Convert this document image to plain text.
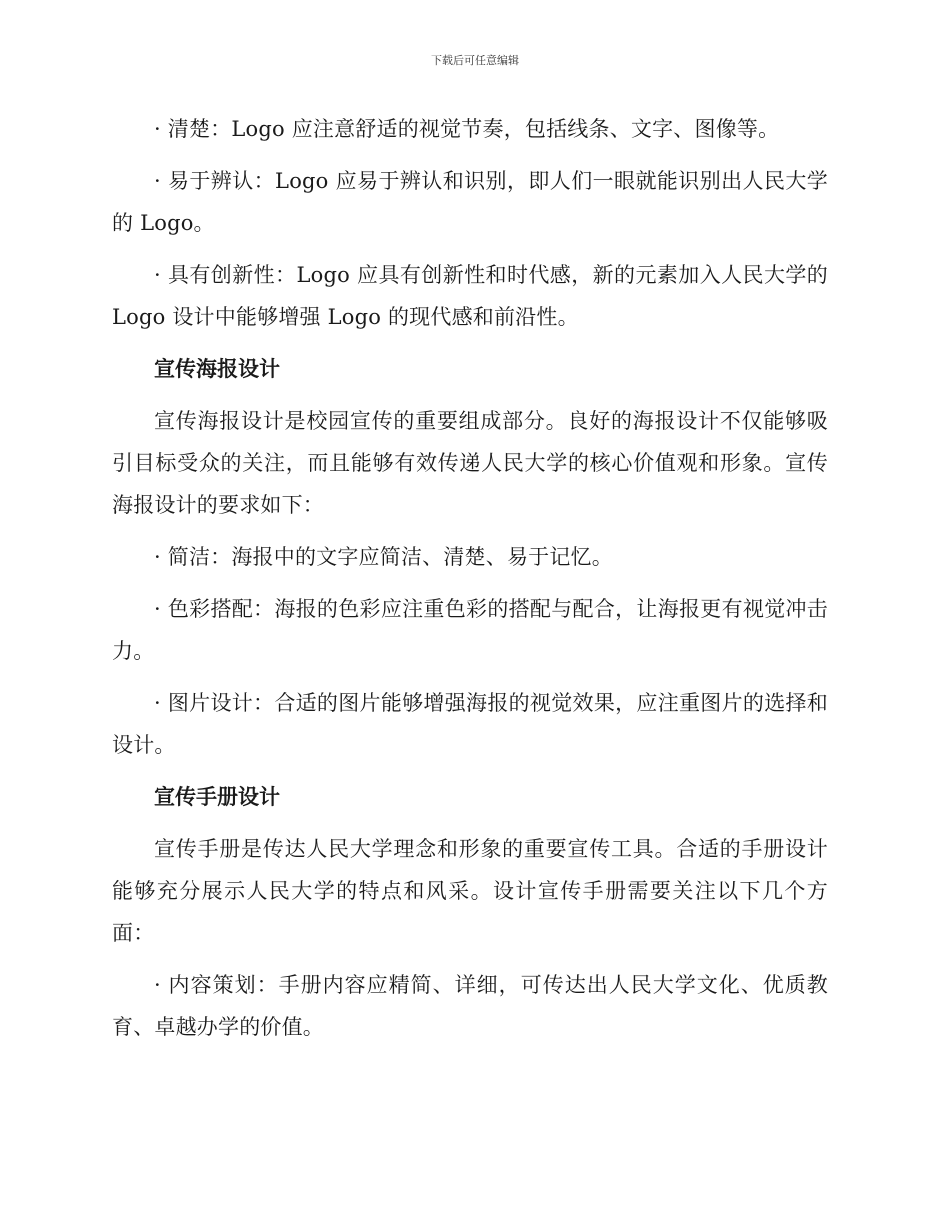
下载后可任意编辑

· 清楚：Logo 应注意舒适的视觉节奏，包括线条、文字、图像等。

· 易于辨认：Logo 应易于辨认和识别，即人们一眼就能识别出人民大学的 Logo。

· 具有创新性：Logo 应具有创新性和时代感，新的元素加入人民大学的 Logo 设计中能够增强 Logo 的现代感和前沿性。

宣传海报设计

宣传海报设计是校园宣传的重要组成部分。良好的海报设计不仅能够吸引目标受众的关注，而且能够有效传递人民大学的核心价值观和形象。宣传海报设计的要求如下：

· 简洁：海报中的文字应简洁、清楚、易于记忆。

· 色彩搭配：海报的色彩应注重色彩的搭配与配合，让海报更有视觉冲击力。

· 图片设计：合适的图片能够增强海报的视觉效果，应注重图片的选择和设计。

宣传手册设计

宣传手册是传达人民大学理念和形象的重要宣传工具。合适的手册设计能够充分展示人民大学的特点和风采。设计宣传手册需要关注以下几个方面：

· 内容策划：手册内容应精简、详细，可传达出人民大学文化、优质教育、卓越办学的价值。
